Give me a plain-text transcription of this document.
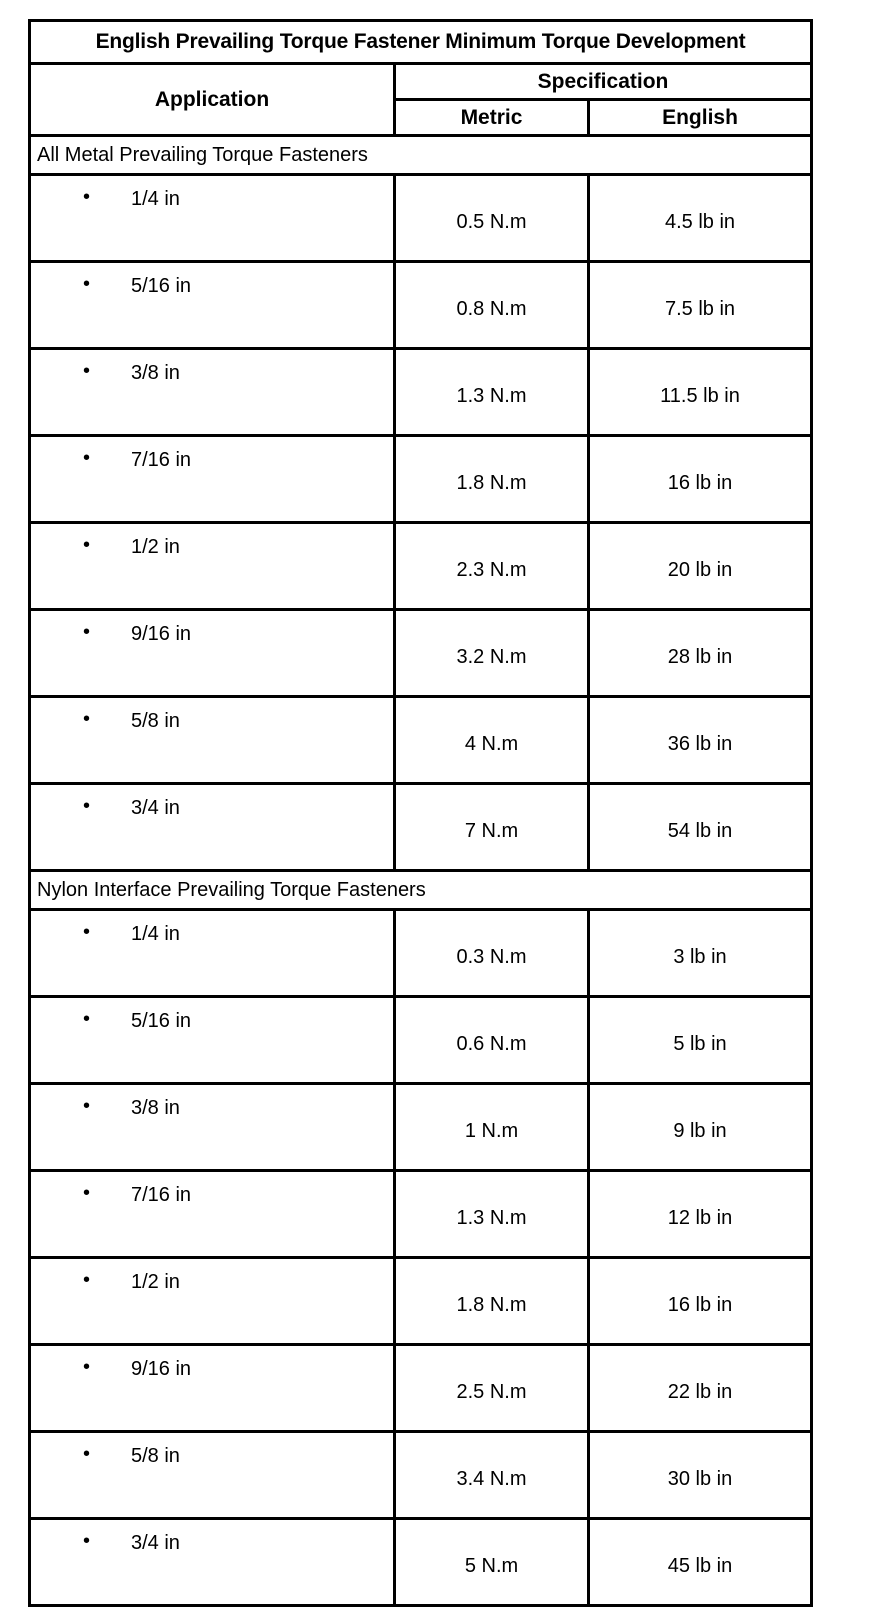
English Prevailing Torque Fastener Minimum Torque Development		
Application	Specification	
	Metric	English
All Metal Prevailing Torque Fasteners		

• 1/4 in	0.5 N.m	4.5 lb in

• 5/16 in	0.8 N.m	7.5 lb in

• 3/8 in	1.3 N.m	11.5 lb in

• 7/16 in	1.8 N.m	16 lb in

• 1/2 in	2.3 N.m	20 lb in

• 9/16 in	3.2 N.m	28 lb in

• 5/8 in	4 N.m	36 lb in

• 3/4 in	7 N.m	54 lb in
Nylon Interface Prevailing Torque Fasteners		

• 1/4 in	0.3 N.m	3 lb in

• 5/16 in	0.6 N.m	5 lb in

• 3/8 in	1 N.m	9 lb in

• 7/16 in	1.3 N.m	12 lb in

• 1/2 in	1.8 N.m	16 lb in

• 9/16 in	2.5 N.m	22 lb in

• 5/8 in	3.4 N.m	30 lb in

• 3/4 in	5 N.m	45 lb in
